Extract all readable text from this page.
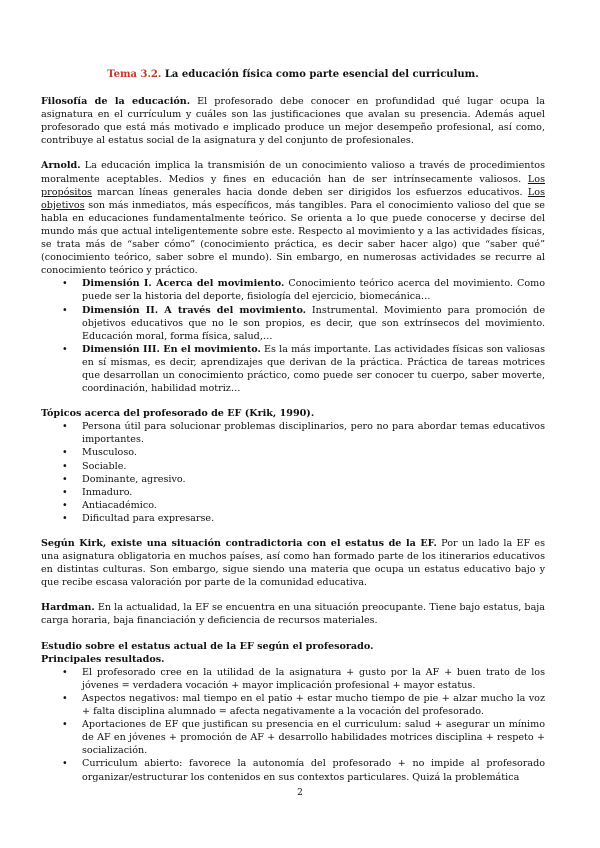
Tema 3.2. La educación física como parte esencial del curriculum.

Filosofía de la educación. El profesorado debe conocer en profundidad qué lugar ocupa la asignatura en el currículum y cuáles son las justificaciones que avalan su presencia. Además aquel profesorado que está más motivado e implicado produce un mejor desempeño profesional, así como, contribuye al estatus social de la asignatura y del conjunto de profesionales.

Arnold. La educación implica la transmisión de un conocimiento valioso a través de procedimientos moralmente aceptables. Medios y fines en educación han de ser intrínsecamente valiosos. Los propósitos marcan líneas generales hacia donde deben ser dirigidos los esfuerzos educativos. Los objetivos son más inmediatos, más específicos, más tangibles. Para el conocimiento valioso del que se habla en educaciones fundamentalmente teórico. Se orienta a lo que puede conocerse y decirse del mundo más que actual inteligentemente sobre este. Respecto al movimiento y a las actividades físicas, se trata más de “saber cómo” (conocimiento práctica, es decir saber hacer algo) que “saber qué” (conocimiento teórico, saber sobre el mundo). Sin embargo, en numerosas actividades se recurre al conocimiento teórico y práctico.

• Dimensión I. Acerca del movimiento. Conocimiento teórico acerca del movimiento. Como puede ser la historia del deporte, fisiología del ejercicio, biomecánica…
• Dimensión II. A través del movimiento. Instrumental. Movimiento para promoción de objetivos educativos que no le son propios, es decir, que son extrínsecos del movimiento. Educación moral, forma física, salud,…
• Dimensión III. En el movimiento. Es la más importante. Las actividades físicas son valiosas en sí mismas, es decir, aprendizajes que derivan de la práctica. Práctica de tareas motrices que desarrollan un conocimiento práctico, como puede ser conocer tu cuerpo, saber moverte, coordinación, habilidad motriz…

Tópicos acerca del profesorado de EF (Krik, 1990).

• Persona útil para solucionar problemas disciplinarios, pero no para abordar temas educativos importantes.
• Musculoso.
• Sociable.
• Dominante, agresivo.
• Inmaduro.
• Antiacadémico.
• Dificultad para expresarse.

Según Kirk, existe una situación contradictoria con el estatus de la EF. Por un lado la EF es una asignatura obligatoria en muchos países, así como han formado parte de los itinerarios educativos en distintas culturas. Son embargo, sigue siendo una materia que ocupa un estatus educativo bajo y que recibe escasa valoración por parte de la comunidad educativa.

Hardman. En la actualidad, la EF se encuentra en una situación preocupante. Tiene bajo estatus, baja carga horaria, baja financiación y deficiencia de recursos materiales.

Estudio sobre el estatus actual de la EF según el profesorado.

Principales resultados.

• El profesorado cree en la utilidad de la asignatura + gusto por la AF + buen trato de los jóvenes = verdadera vocación + mayor implicación profesional + mayor estatus.
• Aspectos negativos: mal tiempo en el patio + estar mucho tiempo de pie + alzar mucho la voz + falta disciplina alumnado = afecta negativamente a la vocación del profesorado.
• Aportaciones de EF que justifican su presencia en el curriculum: salud + asegurar un mínimo de AF en jóvenes + promoción de AF + desarrollo habilidades motrices disciplina + respeto + socialización.
• Curriculum abierto: favorece la autonomía del profesorado + no impide al profesorado organizar/estructurar los contenidos en sus contextos particulares. Quizá la problemática
2
